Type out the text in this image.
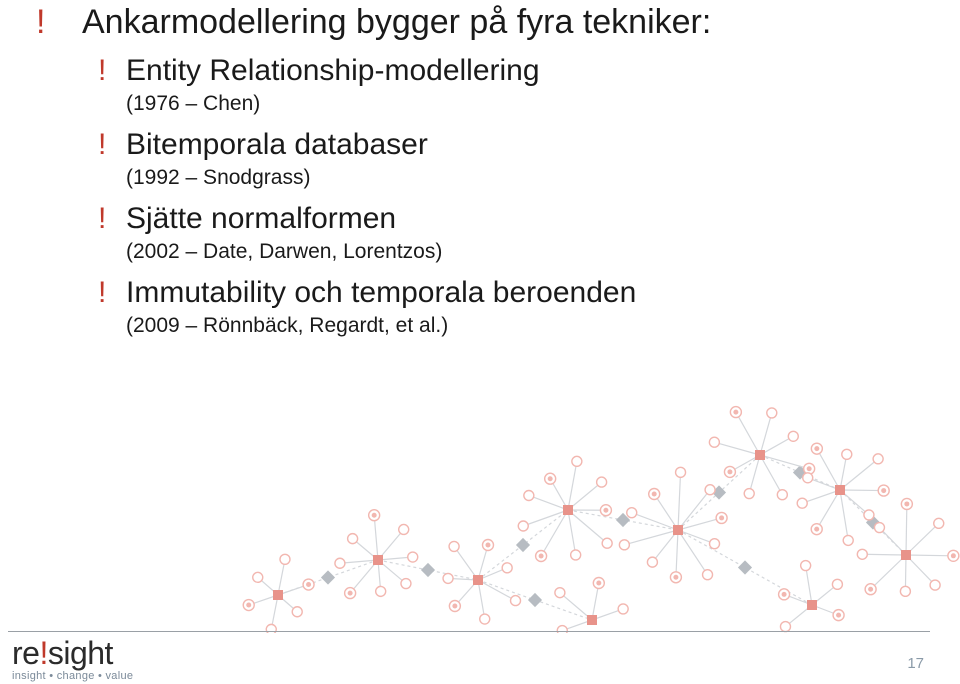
! Ankarmodellering bygger på fyra tekniker:
! Entity Relationship-modellering
(1976 – Chen)
! Bitemporala databaser
(1992 – Snodgrass)
! Sjätte normalformen
(2002 – Date, Darwen, Lorentzos)
! Immutability och temporala beroenden
(2009 – Rönnbäck, Regardt, et al.)
re!sight
insight • change • value
17
